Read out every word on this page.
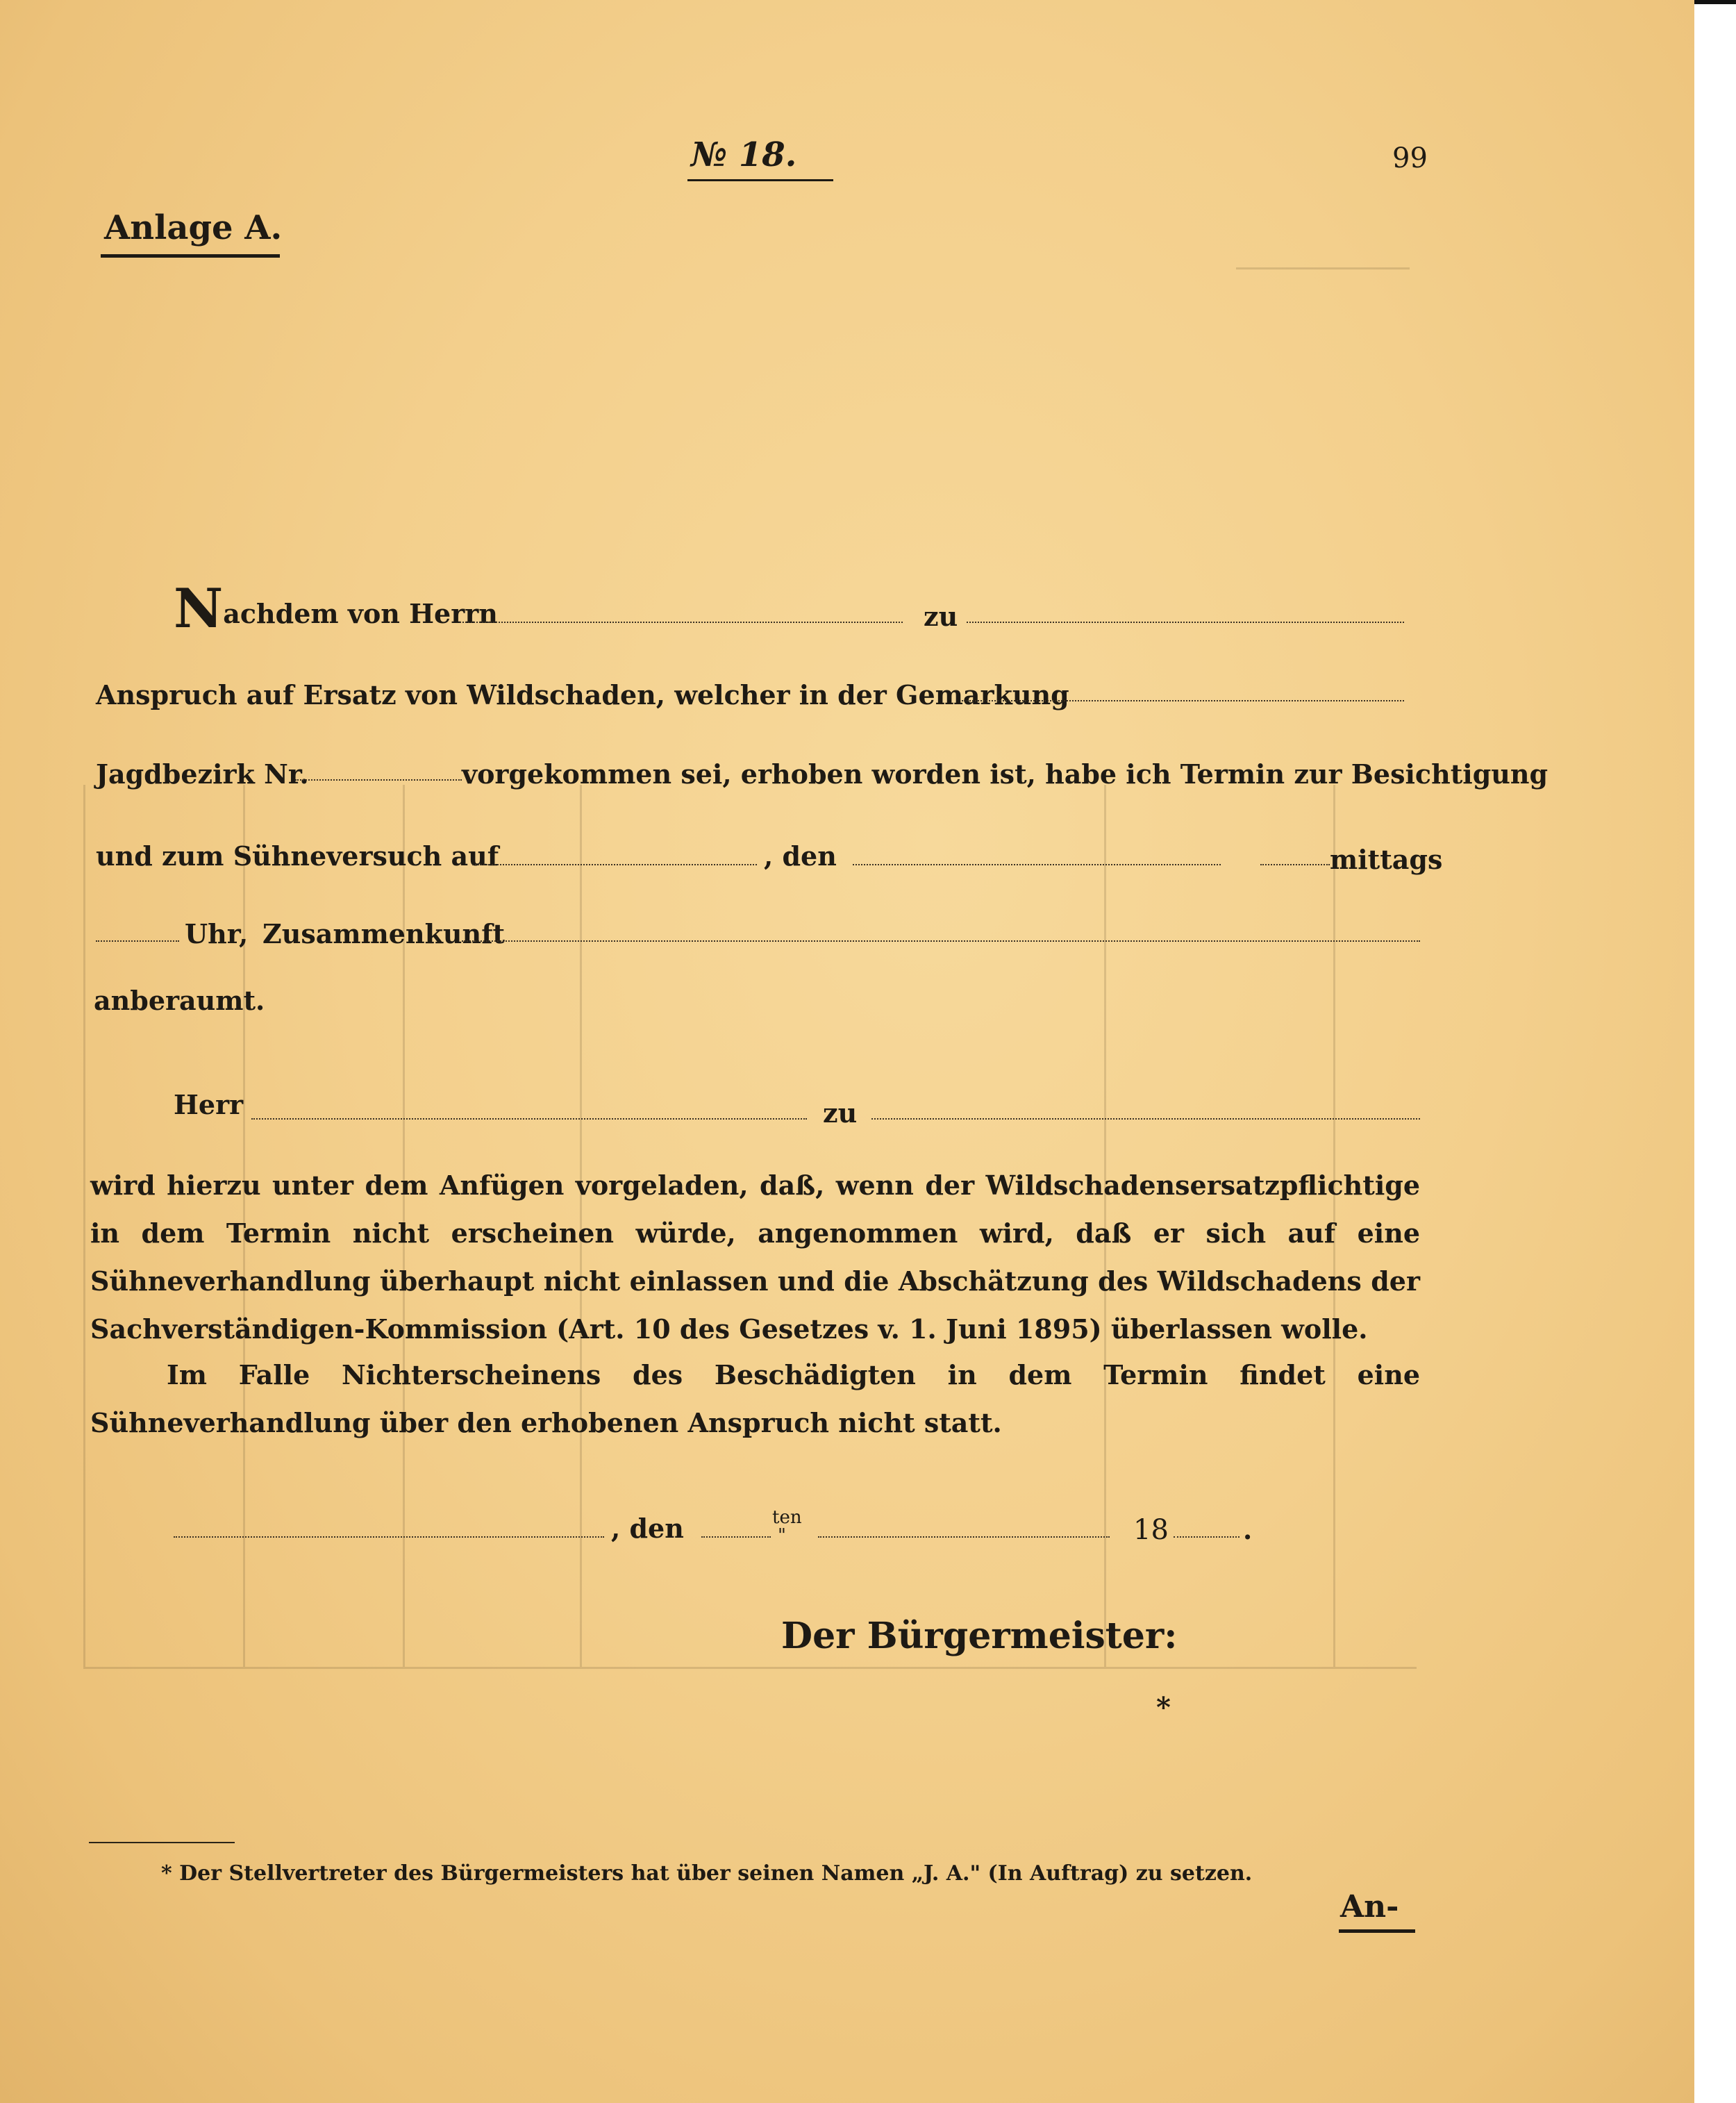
№ 18.	99
Anlage A.
Nachdem von Herrn	zu
Anspruch auf Ersatz von Wildschaden, welcher in der Gemarkung
Jagdbezirk Nr.	vorgekommen sei, erhoben worden ist, habe ich Termin zur Besichtigung
und zum Sühneversuch auf	, den	mittags
Uhr, Zusammenkunft
anberaumt.
Herr	zu
wird hierzu unter dem Anfügen vorgeladen, daß, wenn der Wildschadensersatzpflichtige in dem Termin nicht erscheinen würde, angenommen wird, daß er sich auf eine Sühneverhandlung überhaupt nicht einlassen und die Abschätzung des Wildschadens der Sachverständigen-Kommission (Art. 10 des Gesetzes v. 1. Juni 1895) überlassen wolle.
Im Falle Nichterscheinens des Beschädigten in dem Termin findet eine Sühneverhandlung über den erhobenen Anspruch nicht statt.
, den	ten
"	18	.
Der Bürgermeister:
*
* Der Stellvertreter des Bürgermeisters hat über seinen Namen „J. A." (In Auftrag) zu setzen.
An-
